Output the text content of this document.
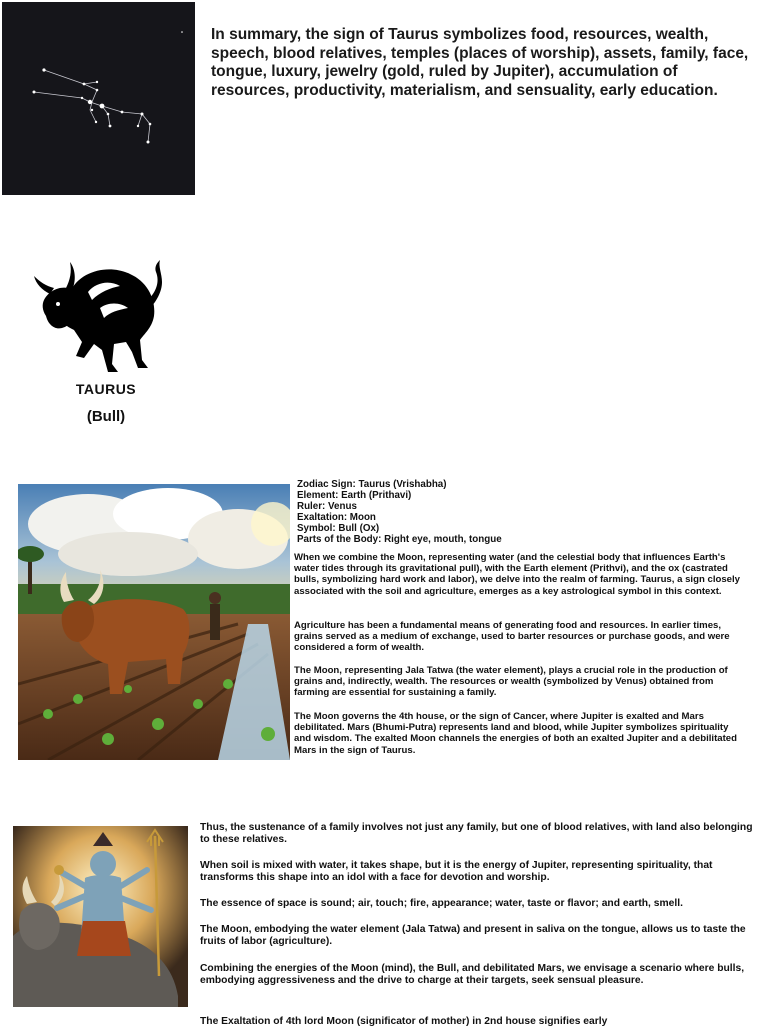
In summary, the sign of Taurus symbolizes food, resources, wealth, speech, blood relatives, temples (places of worship), assets, family, face, tongue, luxury, jewelry (gold, ruled by Jupiter), accumulation of resources, productivity, materialism, and sensuality, early education.
TAURUS
(Bull)
Zodiac Sign: Taurus (Vrishabha)
Element: Earth (Prithavi)
Ruler: Venus
Exaltation: Moon
Symbol: Bull (Ox)
Parts of the Body: Right eye, mouth, tongue
When we combine the Moon, representing water (and the celestial body that influences Earth's water tides through its gravitational pull), with the Earth element (Prithvi), and the ox (castrated bulls, symbolizing hard work and labor), we delve into the realm of farming. Taurus, a sign closely associated with the soil and agriculture, emerges as a key astrological symbol in this context.
Agriculture has been a fundamental means of generating food and resources. In earlier times, grains served as a medium of exchange, used to barter resources or purchase goods, and were considered a form of wealth.
The Moon, representing Jala Tatwa (the water element), plays a crucial role in the production of grains and, indirectly, wealth. The resources or wealth (symbolized by Venus) obtained from farming are essential for sustaining a family.
The Moon governs the 4th house, or the sign of Cancer, where Jupiter is exalted and Mars debilitated. Mars (Bhumi-Putra) represents land and blood, while Jupiter symbolizes spirituality and wisdom. The exalted Moon channels the energies of both an exalted Jupiter and a debilitated Mars in the sign of Taurus.
Thus, the sustenance of a family involves not just any family, but one of blood relatives, with land also belonging to these relatives.
When soil is mixed with water, it takes shape, but it is the energy of Jupiter, representing spirituality, that transforms this shape into an idol with a face for devotion and worship.
The essence of space is sound; air, touch; fire, appearance; water, taste or flavor; and earth, smell.
The Moon, embodying the water element (Jala Tatwa) and present in saliva on the tongue, allows us to taste the fruits of labor (agriculture).
Combining the energies of the Moon (mind), the Bull, and debilitated Mars, we envisage a scenario where bulls, embodying aggressiveness and the drive to charge at their targets, seek sensual pleasure.
The Exaltation of 4th lord Moon (significator of mother) in 2nd house signifies early
